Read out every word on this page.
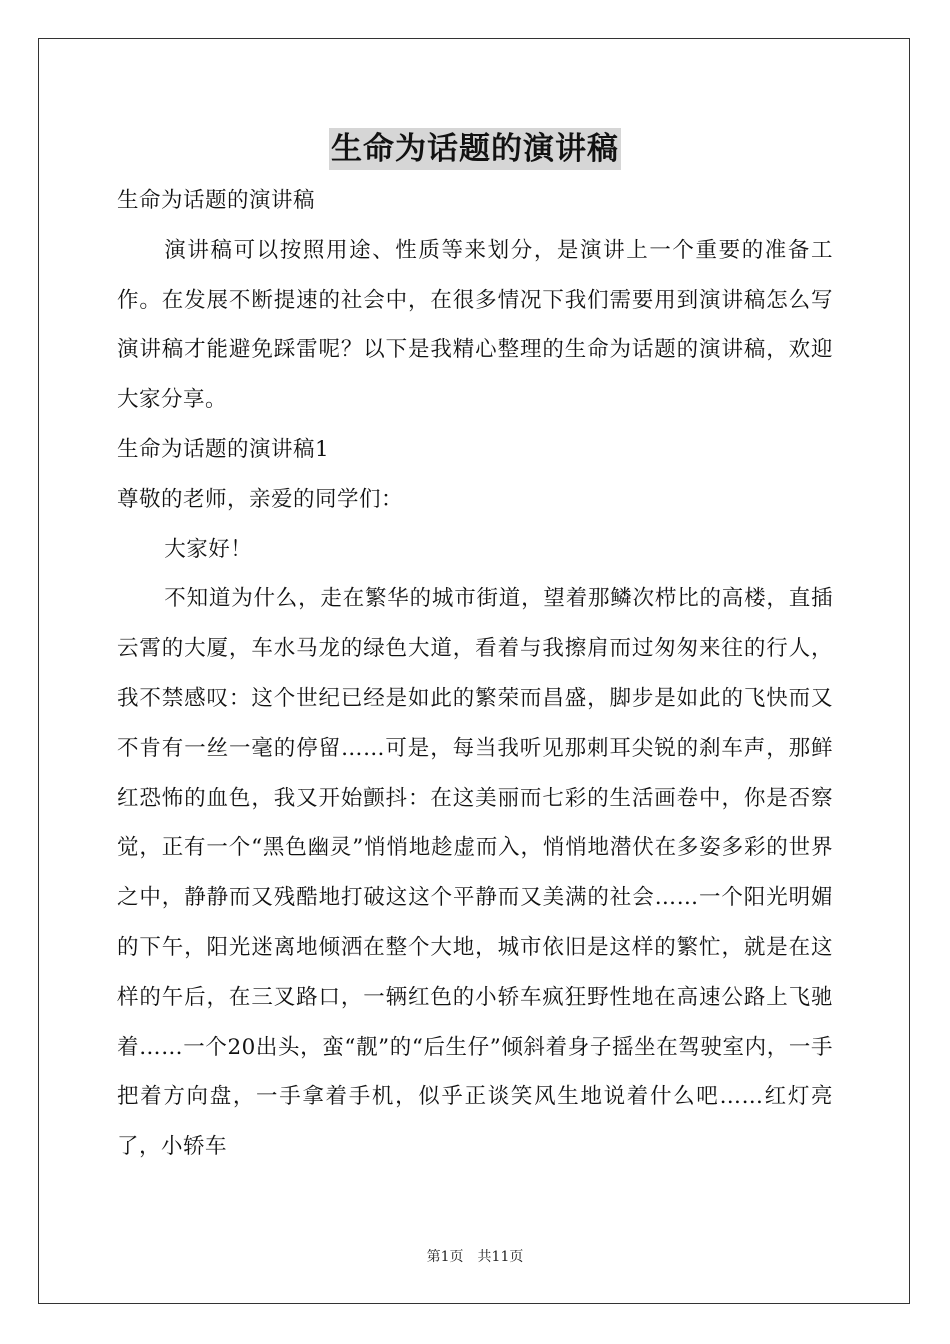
生命为话题的演讲稿

生命为话题的演讲稿

演讲稿可以按照用途、性质等来划分，是演讲上一个重要的准备工作。在发展不断提速的社会中，在很多情况下我们需要用到演讲稿怎么写演讲稿才能避免踩雷呢？以下是我精心整理的生命为话题的演讲稿，欢迎大家分享。

生命为话题的演讲稿1

尊敬的老师，亲爱的同学们：

大家好！

不知道为什么，走在繁华的城市街道，望着那鳞次栉比的高楼，直插云霄的大厦，车水马龙的绿色大道，看着与我擦肩而过匆匆来往的行人，我不禁感叹：这个世纪已经是如此的繁荣而昌盛，脚步是如此的飞快而又不肯有一丝一毫的停留……可是，每当我听见那刺耳尖锐的刹车声，那鲜红恐怖的血色，我又开始颤抖：在这美丽而七彩的生活画卷中，你是否察觉，正有一个“黑色幽灵”悄悄地趁虚而入，悄悄地潜伏在多姿多彩的世界之中，静静而又残酷地打破这这个平静而又美满的社会……一个阳光明媚的下午，阳光迷离地倾洒在整个大地，城市依旧是这样的繁忙，就是在这样的午后，在三叉路口，一辆红色的小轿车疯狂野性地在高速公路上飞驰着……一个20出头，蛮“靓”的“后生仔”倾斜着身子摇坐在驾驶室内，一手把着方向盘，一手拿着手机，似乎正谈笑风生地说着什么吧……红灯亮了，小轿车

第1页 共11页
